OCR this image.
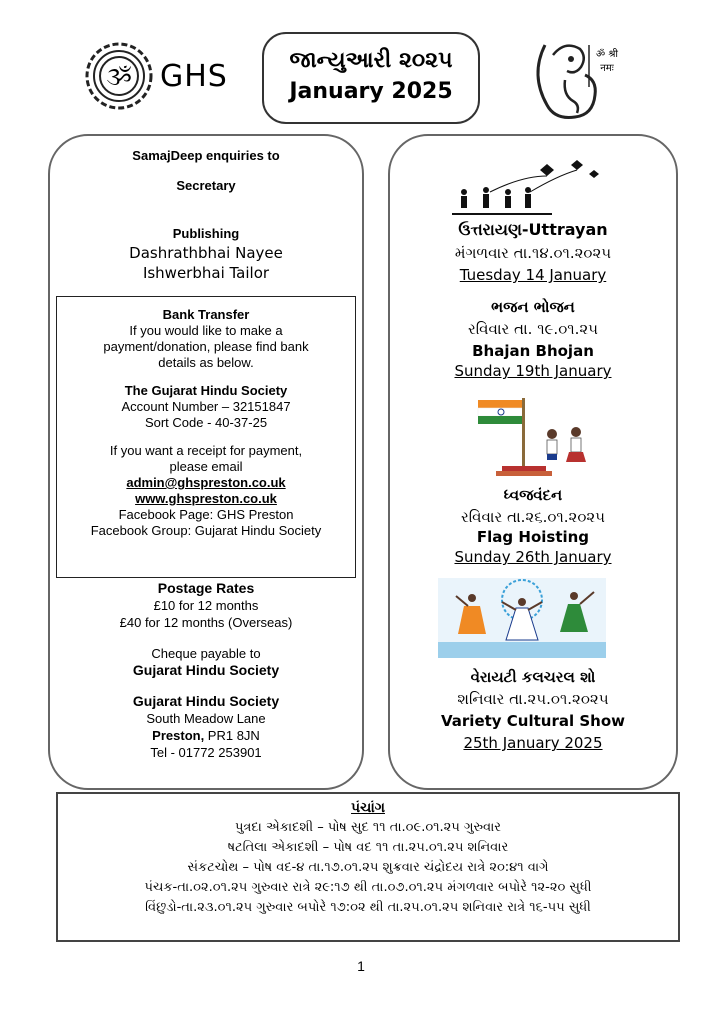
ૐ GHS	જાન્યુઆરી ૨૦૨૫
January 2025
ॐ श्री
नमः
SamajDeep enquiries to
Secretary
Publishing
Dashrathbhai Nayee
Ishwerbhai Tailor
Bank Transfer
If you would like to make a
payment/donation, please find bank
details as below.
The Gujarat Hindu Society
Account Number – 32151847
Sort Code - 40-37-25
If you want a receipt for payment,
please email
admin@ghspreston.co.uk
www.ghspreston.co.uk
Facebook Page: GHS Preston
Facebook Group: Gujarat Hindu Society
Postage Rates
£10 for 12 months
£40 for 12 months (Overseas)
Cheque payable to
Gujarat Hindu Society
Gujarat Hindu Society
South Meadow Lane
Preston, PR1 8JN
Tel - 01772 253901
ઉત્તરાયણ-Uttrayan
મંગળવાર તા.૧૪.૦૧.૨૦૨૫
Tuesday 14 January
ભજન ભોજન
રવિવાર તા. ૧૯.૦૧.૨૫
Bhajan Bhojan
Sunday 19th January
ધ્વજવંદન
રવિવાર તા.૨૬.૦૧.૨૦૨૫
Flag Hoisting
Sunday 26th January
વેરાયટી કલચરલ શો
શનિવાર તા.૨૫.૦૧.૨૦૨૫
Variety Cultural Show
25th January 2025
પંચાંગ
પુત્રદા એકાદશી – પોષ સુદ ૧૧ તા.૦૯.૦૧.૨૫ ગુરુવાર
ષટતિલા એકાદશી – પોષ વદ ૧૧ તા.૨૫.૦૧.૨૫ શનિવાર
સંકટચોથ – પોષ વદ-૪ તા.૧૭.૦૧.૨૫ શુક્રવાર ચંદ્રોદય રાત્રે ૨૦:૪૧ વાગે
પંચક-તા.૦૨.૦૧.૨૫ ગુરુવાર રાત્રે ૨૯:૧૭ થી તા.૦૭.૦૧.૨૫ મંગળવાર બપોરે ૧૨-૨૦ સુધી
વિંછુડો-તા.૨૩.૦૧.૨૫ ગુરુવાર બપોરે ૧૭:૦૨ થી તા.૨૫.૦૧.૨૫ શનિવાર રાત્રે ૧૬-૫૫ સુધી
1
